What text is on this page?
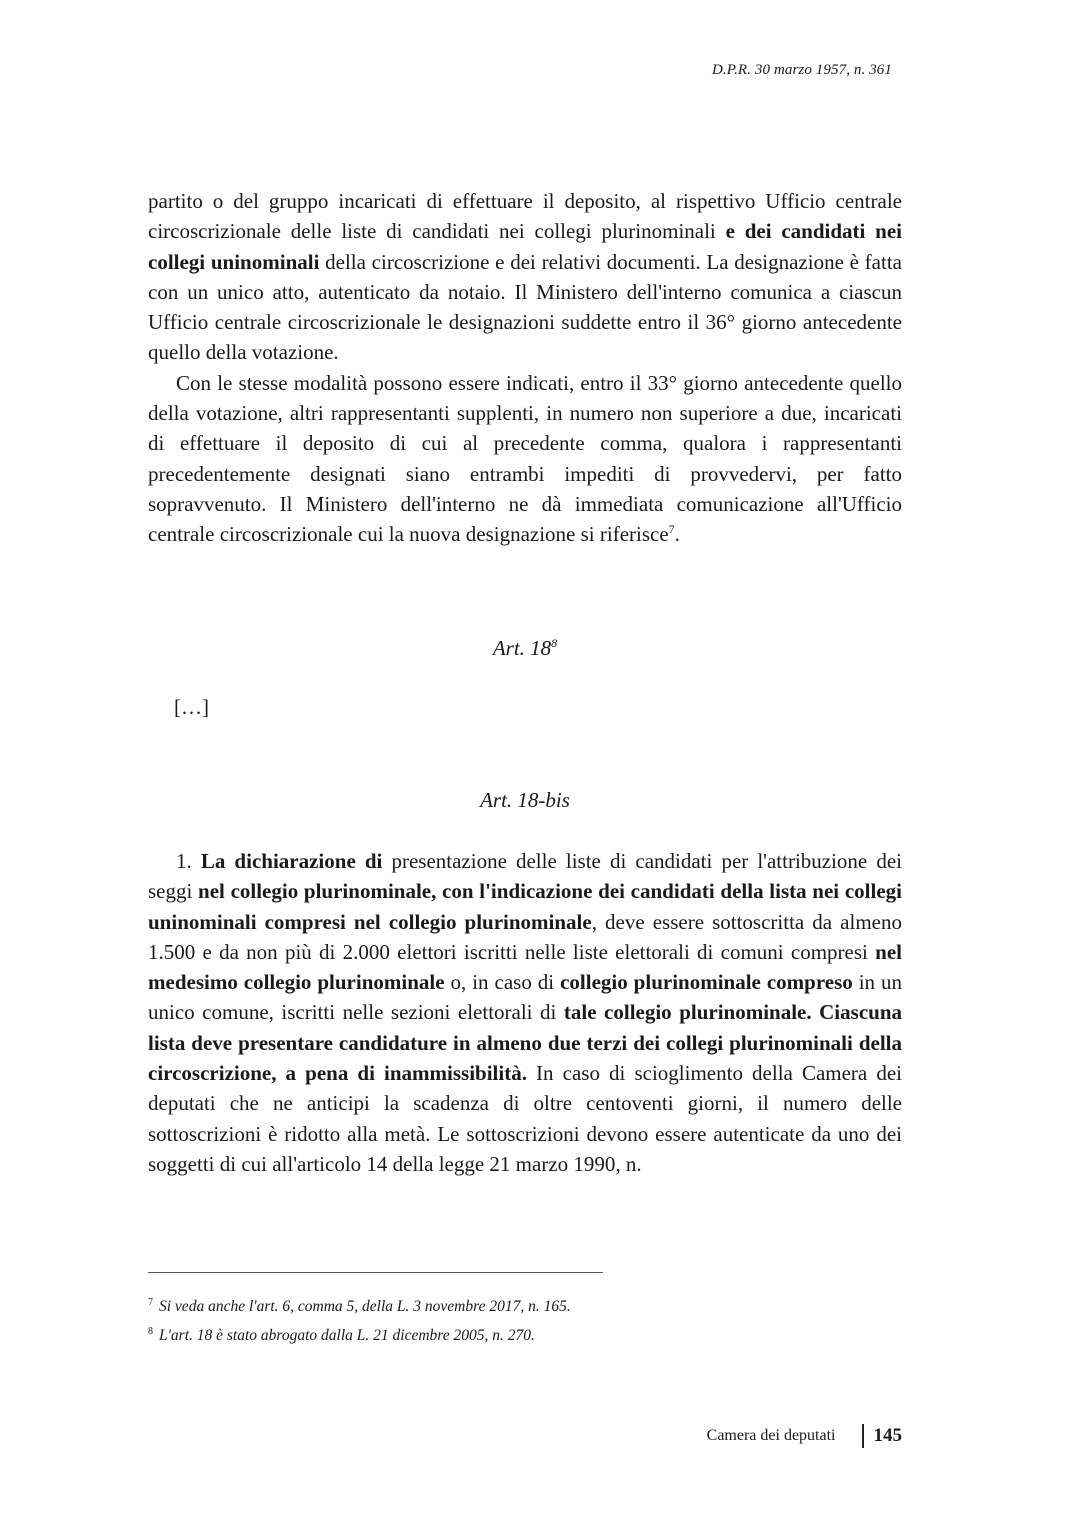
D.P.R. 30 marzo 1957, n. 361

partito o del gruppo incaricati di effettuare il deposito, al rispettivo Ufficio centrale circoscrizionale delle liste di candidati nei collegi plurinominali e dei candidati nei collegi uninominali della circoscrizione e dei relativi documenti. La designazione è fatta con un unico atto, autenticato da notaio. Il Ministero dell'interno comunica a ciascun Ufficio centrale circoscrizionale le designazioni suddette entro il 36° giorno antecedente quello della votazione.

Con le stesse modalità possono essere indicati, entro il 33° giorno antecedente quello della votazione, altri rappresentanti supplenti, in numero non superiore a due, incaricati di effettuare il deposito di cui al precedente comma, qualora i rappresentanti precedentemente designati siano entrambi impediti di provvedervi, per fatto sopravvenuto. Il Ministero dell'interno ne dà immediata comunicazione all'Ufficio centrale circoscrizionale cui la nuova designazione si riferisce$^7$.

Art. $18^8$
[…]
Art. 18-bis

1. La dichiarazione di presentazione delle liste di candidati per l'attribuzione dei seggi nel collegio plurinominale, con l'indicazione dei candidati della lista nei collegi uninominali compresi nel collegio plurinominale, deve essere sottoscritta da almeno 1.500 e da non più di 2.000 elettori iscritti nelle liste elettorali di comuni compresi nel medesimo collegio plurinominale o, in caso di collegio plurinominale compreso in un unico comune, iscritti nelle sezioni elettorali di tale collegio plurinominale. Ciascuna lista deve presentare candidature in almeno due terzi dei collegi plurinominali della circoscrizione, a pena di inammissibilità. In caso di scioglimento della Camera dei deputati che ne anticipi la scadenza di oltre centoventi giorni, il numero delle sottoscrizioni è ridotto alla metà. Le sottoscrizioni devono essere autenticate da uno dei soggetti di cui all'articolo 14 della legge 21 marzo 1990, n.

$^7$ Si veda anche l'art. 6, comma 5, della L. 3 novembre 2017, n. 165.
$^8$ L'art. 18 è stato abrogato dalla L. 21 dicembre 2005, n. 270.
Camera dei deputati 145
